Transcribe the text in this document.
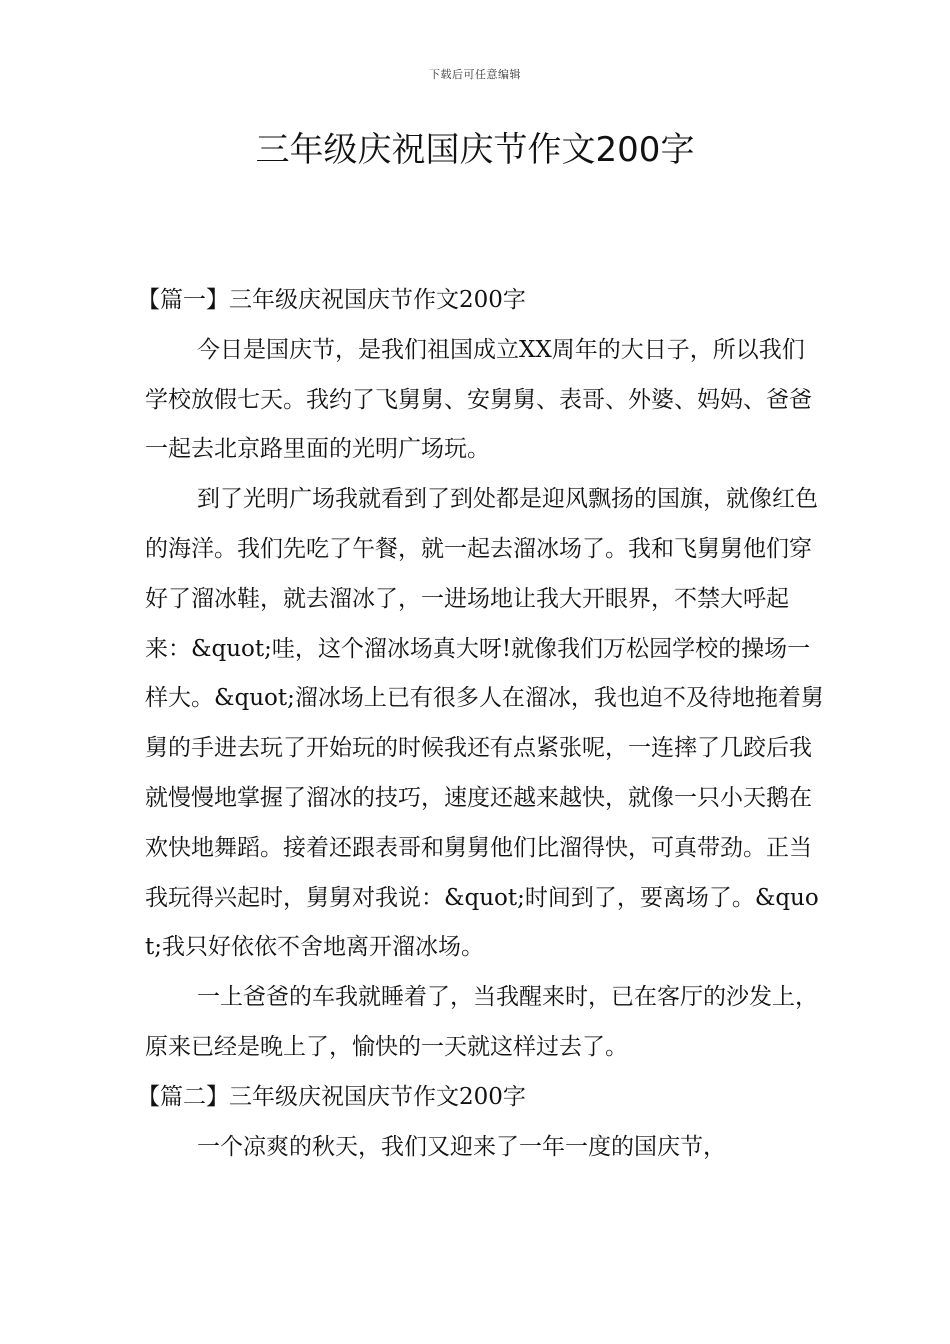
下载后可任意编辑
三年级庆祝国庆节作文200字

【篇一】三年级庆祝国庆节作文200字

今日是国庆节，是我们祖国成立XX周年的大日子，所以我们学校放假七天。我约了飞舅舅、安舅舅、表哥、外婆、妈妈、爸爸一起去北京路里面的光明广场玩。

到了光明广场我就看到了到处都是迎风飘扬的国旗，就像红色的海洋。我们先吃了午餐，就一起去溜冰场了。我和飞舅舅他们穿好了溜冰鞋，就去溜冰了，一进场地让我大开眼界，不禁大呼起来：&quot;哇，这个溜冰场真大呀!就像我们万松园学校的操场一样大。&quot;溜冰场上已有很多人在溜冰，我也迫不及待地拖着舅舅的手进去玩了开始玩的时候我还有点紧张呢，一连摔了几跤后我就慢慢地掌握了溜冰的技巧，速度还越来越快，就像一只小天鹅在欢快地舞蹈。接着还跟表哥和舅舅他们比溜得快，可真带劲。正当我玩得兴起时，舅舅对我说：&quot;时间到了，要离场了。&quot;我只好依依不舍地离开溜冰场。

一上爸爸的车我就睡着了，当我醒来时，已在客厅的沙发上，原来已经是晚上了，愉快的一天就这样过去了。

【篇二】三年级庆祝国庆节作文200字

一个凉爽的秋天，我们又迎来了一年一度的国庆节，
